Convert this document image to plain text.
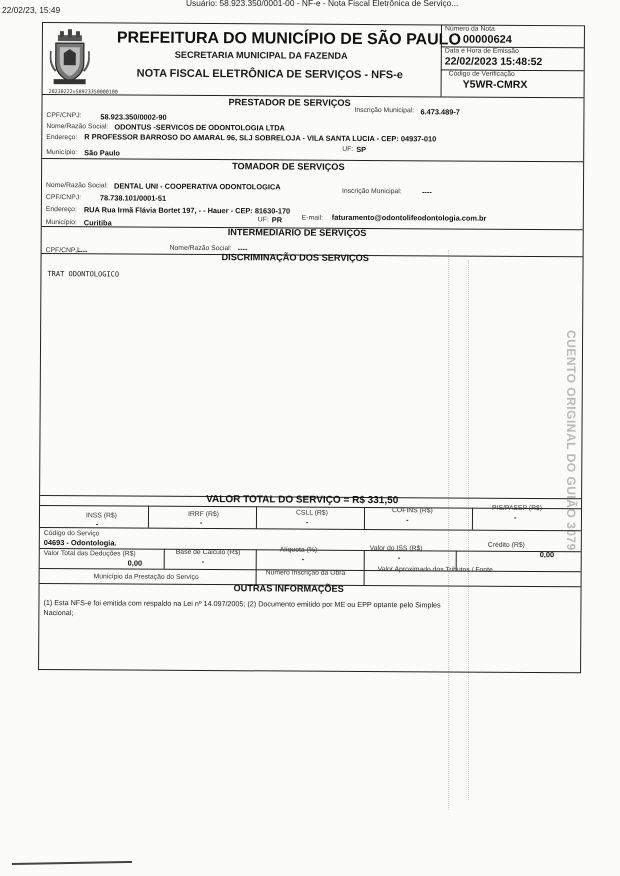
22/02/23, 15:49
Usuário: 58.923.350/0001-00 - NF-e - Nota Fiscal Eletrônica de Serviço...
CUENTO ORIGINAL DO GUIÃO 3079
PREFEITURA DO MUNICÍPIO DE SÃO PAULO
SECRETARIA MUNICIPAL DA FAZENDA
NOTA FISCAL ELETRÔNICA DE SERVIÇOS - NFS-e
20230222v58923350000100
Número da Nota
00000624
Data e Hora de Emissão
22/02/2023 15:48:52
Código de Verificação
Y5WR-CMRX
PRESTADOR DE SERVIÇOS
CPF/CNPJ:	58.923.350/0002-90
Inscrição Municipal: 6.473.489-7
Nome/Razão Social: ODONTUS -SERVICOS DE ODONTOLOGIA LTDA
Endereço: R PROFESSOR BARROSO DO AMARAL 96, SLJ SOBRELOJA - VILA SANTA LUCIA - CEP: 04937-010
UF: SP
Município: São Paulo
TOMADOR DE SERVIÇOS
Nome/Razão Social: DENTAL UNI - COOPERATIVA ODONTOLOGICA
Inscrição Municipal:	----
CPF/CNPJ:	78.738.101/0001-51
Endereço: RUA Rua Irmã Flávia Bortet 197, - - Hauer - CEP: 81630-170
UF: PR	E-mail: faturamento@odontolifeodontologia.com.br
Município: Curitiba
INTERMEDIÁRIO DE SERVIÇOS
CPF/CNPJ:
----	Nome/Razão Social: ----
DISCRIMINAÇÃO DOS SERVIÇOS
TRAT ODONTOLOGICO
VALOR TOTAL DO SERVIÇO = R$ 331,50
INSS (R$)
-
IRRF (R$)
-
CSLL (R$)
-
COFINS (R$)
-
PIS/PASEP (R$)
-
Código do Serviço
04693 - Odontologia.
Valor Total das Deduções (R$)
0,00
Base de Cálculo (R$)
-
Alíquota (%)
-
Valor do ISS (R$)
-
Crédito (R$)
0,00
Município da Prestação do Serviço
Número Inscrição da Obra	Valor Aproximado dos Tributos / Fonte
OUTRAS INFORMAÇÕES
(1) Esta NFS-e foi emitida com respaldo na Lei nº 14.097/2005; (2) Documento emitido por ME ou EPP optante pelo Simples
Nacional;
